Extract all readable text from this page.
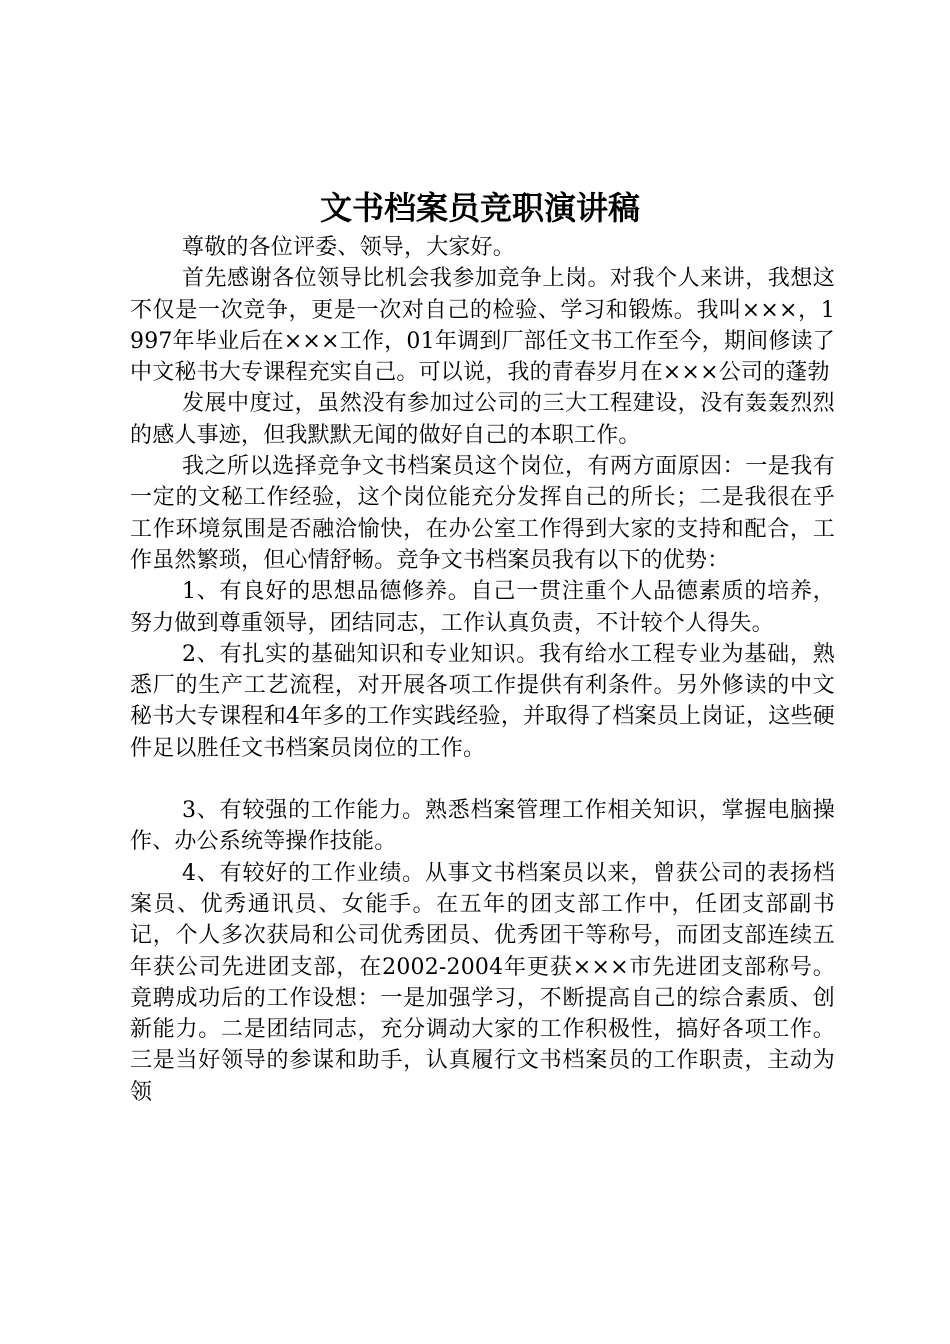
文书档案员竞职演讲稿

尊敬的各位评委、领导，大家好。

首先感谢各位领导比机会我参加竞争上岗。对我个人来讲，我想这不仅是一次竞争，更是一次对自己的检验、学习和锻炼。我叫×××，1997年毕业后在×××工作，01年调到厂部任文书工作至今，期间修读了中文秘书大专课程充实自己。可以说，我的青春岁月在×××公司的蓬勃

发展中度过，虽然没有参加过公司的三大工程建设，没有轰轰烈烈的感人事迹，但我默默无闻的做好自己的本职工作。

我之所以选择竞争文书档案员这个岗位，有两方面原因：一是我有一定的文秘工作经验，这个岗位能充分发挥自己的所长；二是我很在乎工作环境氛围是否融洽愉快，在办公室工作得到大家的支持和配合，工作虽然繁琐，但心情舒畅。竞争文书档案员我有以下的优势：

1、有良好的思想品德修养。自己一贯注重个人品德素质的培养，努力做到尊重领导，团结同志，工作认真负责，不计较个人得失。

2、有扎实的基础知识和专业知识。我有给水工程专业为基础，熟悉厂的生产工艺流程，对开展各项工作提供有利条件。另外修读的中文秘书大专课程和4年多的工作实践经验，并取得了档案员上岗证，这些硬件足以胜任文书档案员岗位的工作。

3、有较强的工作能力。熟悉档案管理工作相关知识，掌握电脑操作、办公系统等操作技能。

4、有较好的工作业绩。从事文书档案员以来，曾获公司的表扬档案员、优秀通讯员、女能手。在五年的团支部工作中，任团支部副书记，个人多次获局和公司优秀团员、优秀团干等称号，而团支部连续五年获公司先进团支部，在2002-2004年更获×××市先进团支部称号。竟聘成功后的工作设想：一是加强学习，不断提高自己的综合素质、创新能力。二是团结同志，充分调动大家的工作积极性，搞好各项工作。三是当好领导的参谋和助手，认真履行文书档案员的工作职责，主动为领
